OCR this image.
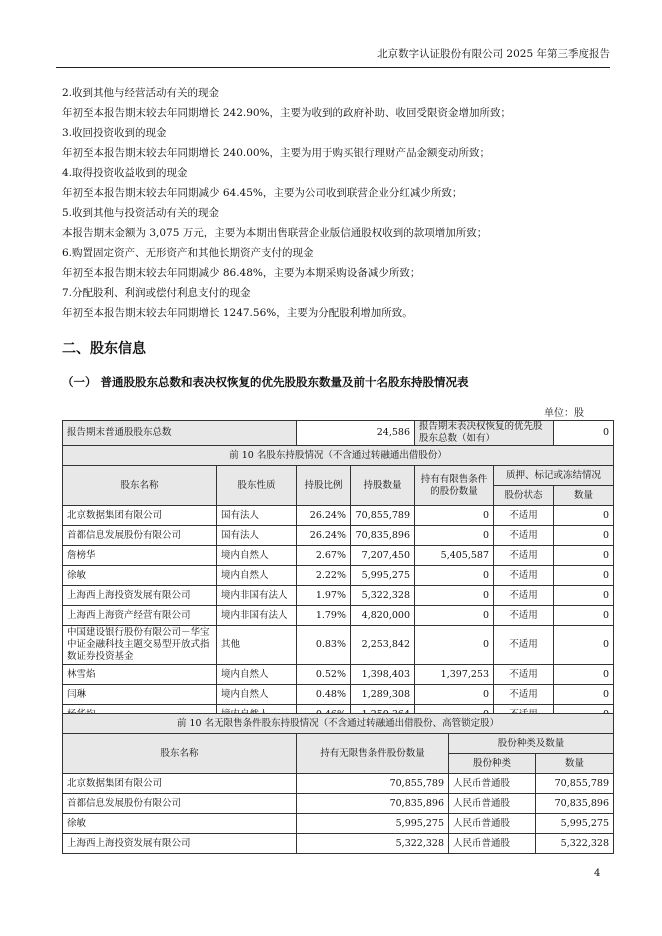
北京数字认证股份有限公司 2025 年第三季度报告
2.收到其他与经营活动有关的现金
年初至本报告期末较去年同期增长 242.90%，主要为收到的政府补助、收回受限资金增加所致；
3.收回投资收到的现金
年初至本报告期末较去年同期增长 240.00%，主要为用于购买银行理财产品金额变动所致；
4.取得投资收益收到的现金
年初至本报告期末较去年同期减少 64.45%，主要为公司收到联营企业分红减少所致；
5.收到其他与投资活动有关的现金
本报告期末金额为 3,075 万元，主要为本期出售联营企业版信通股权收到的款项增加所致；
6.购置固定资产、无形资产和其他长期资产支付的现金
年初至本报告期末较去年同期减少 86.48%，主要为本期采购设备减少所致；
7.分配股利、利润或偿付利息支付的现金
年初至本报告期末较去年同期增长 1247.56%，主要为分配股利增加所致。
二、股东信息
（一） 普通股股东总数和表决权恢复的优先股股东数量及前十名股东持股情况表
单位：股
报告期末普通股股东总数		24,586		报告期末表决权恢复的优先股股东总数（如有）		0
前 10 名股东持股情况（不含通过转融通出借股份）						
股东名称	股东性质	持股比例	持股数量	持有有限售条件的股份数量	质押、标记或冻结情况	
					股份状态	数量
北京数据集团有限公司	国有法人	26.24%	70,855,789	0	不适用	0
首都信息发展股份有限公司	国有法人	26.24%	70,835,896	0	不适用	0
詹榜华	境内自然人	2.67%	7,207,450	5,405,587	不适用	0
徐敏	境内自然人	2.22%	5,995,275	0	不适用	0
上海西上海投资发展有限公司	境内非国有法人	1.97%	5,322,328	0	不适用	0
上海西上海资产经营有限公司	境内非国有法人	1.79%	4,820,000	0	不适用	0
中国建设银行股份有限公司－华宝中证金融科技主题交易型开放式指数证券投资基金	其他	0.83%	2,253,842	0	不适用	0
林雪焰	境内自然人	0.52%	1,398,403	1,397,253	不适用	0
闫琳	境内自然人	0.48%	1,289,308	0	不适用	0

前 10 名无限售条件股东持股情况（不含通过转融通出借股份、高管锁定股）			
股东名称	持有无限售条件股份数量	股份种类及数量	
		股份种类	数量
北京数据集团有限公司	70,855,789	人民币普通股	70,855,789
首都信息发展股份有限公司	70,835,896	人民币普通股	70,835,896
徐敏	5,995,275	人民币普通股	5,995,275
上海西上海投资发展有限公司	5,322,328	人民币普通股	5,322,328
4
